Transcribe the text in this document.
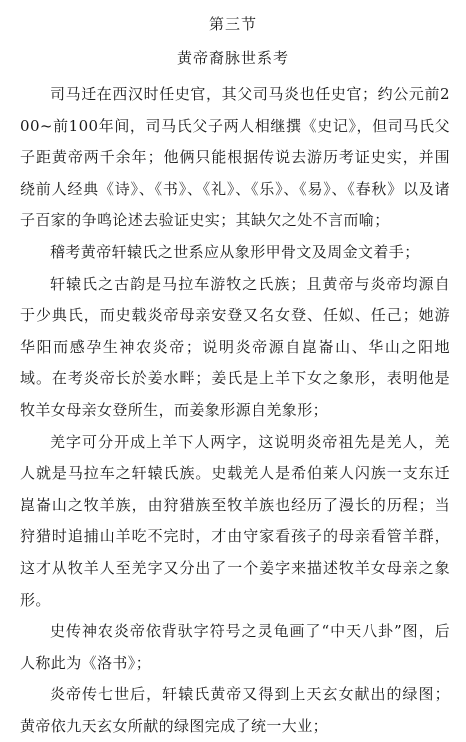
第三节
黄帝裔脉世系考

司马迁在西汉时任史官，其父司马炎也任史官；约公元前200~前100年间，司马氏父子两人相继撰《史记》，但司马氏父子距黄帝两千余年；他俩只能根据传说去游历考证史实，并围绕前人经典《诗》、《书》、《礼》、《乐》、《易》、《春秋》以及诸子百家的争鸣论述去验证史实；其缺欠之处不言而喻；

稽考黄帝轩辕氏之世系应从象形甲骨文及周金文着手；

轩辕氏之古韵是马拉车游牧之氏族；且黄帝与炎帝均源自于少典氏，而史载炎帝母亲安登又名女登、任姒、任己；她游华阳而感孕生神农炎帝；说明炎帝源自崑崙山、华山之阳地域。在考炎帝长於姜水畔；姜氏是上羊下女之象形，表明他是牧羊女母亲女登所生，而姜象形源自羌象形；

羌字可分开成上羊下人两字，这说明炎帝祖先是羌人，羌人就是马拉车之轩辕氏族。史载羌人是希伯莱人闪族一支东迁崑崙山之牧羊族，由狩猎族至牧羊族也经历了漫长的历程；当狩猎时追捕山羊吃不完时，才由守家看孩子的母亲看管羊群，这才从牧羊人至羌字又分出了一个姜字来描述牧羊女母亲之象形。

史传神农炎帝依背驮字符号之灵龟画了“中天八卦”图，后人称此为《洛书》；

炎帝传七世后，轩辕氏黄帝又得到上天玄女献出的绿图；黄帝依九天玄女所献的绿图完成了统一大业；
